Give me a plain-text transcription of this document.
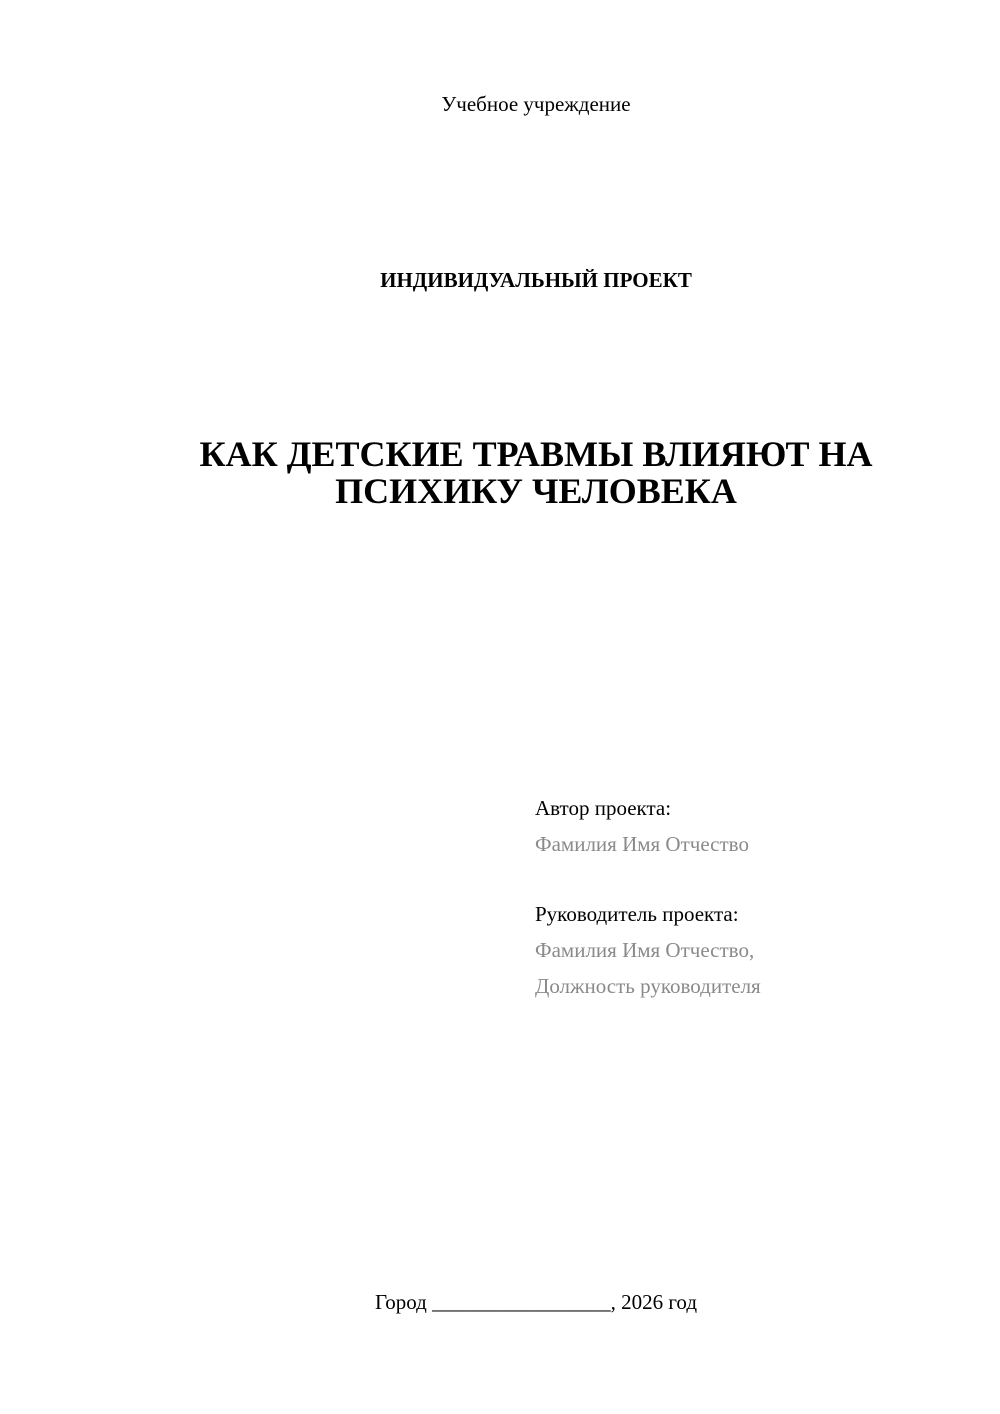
Учебное учреждение
ИНДИВИДУАЛЬНЫЙ ПРОЕКТ
КАК ДЕТСКИЕ ТРАВМЫ ВЛИЯЮТ НА
ПСИХИКУ ЧЕЛОВЕКА
Автор проекта:
Фамилия Имя Отчество
Руководитель проекта:
Фамилия Имя Отчество,
Должность руководителя
Город _________________, 2026 год
